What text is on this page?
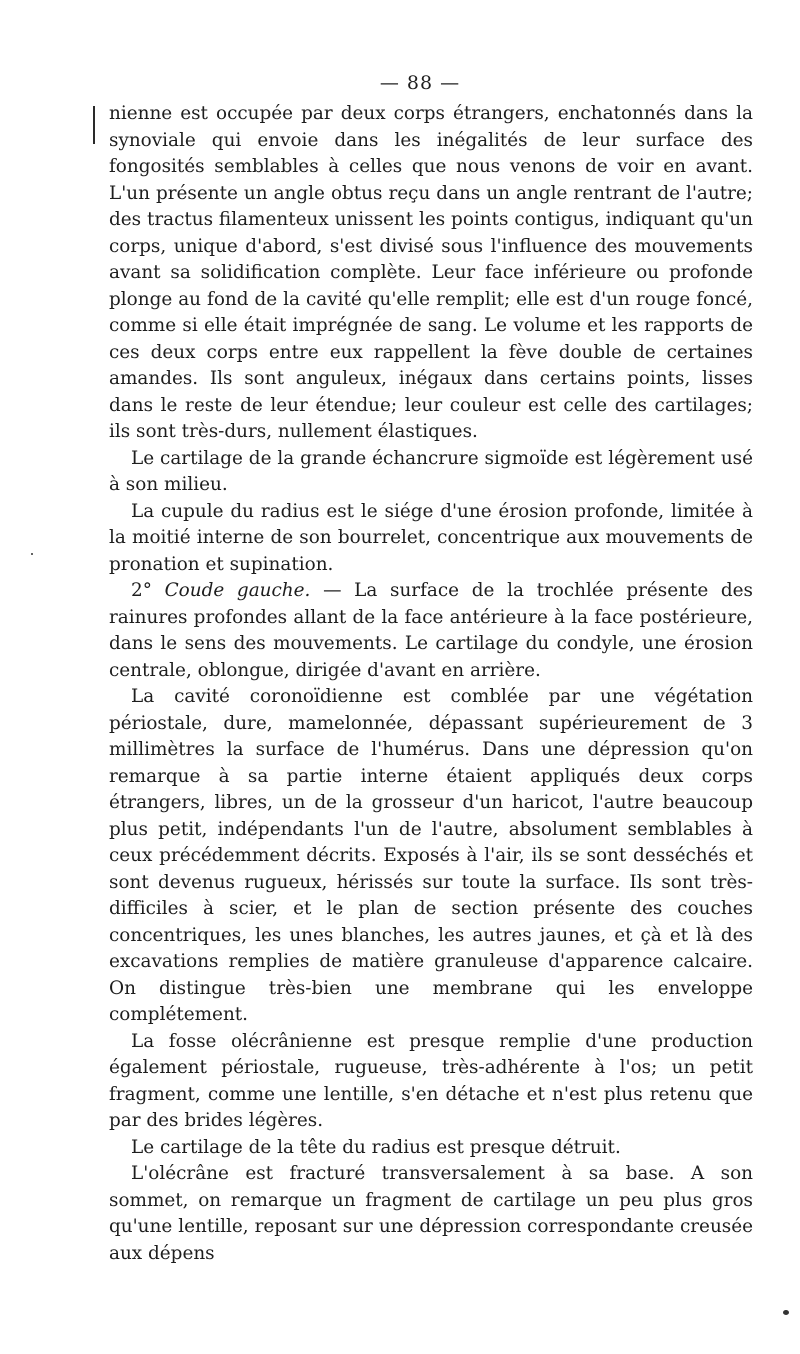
— 88 —

nienne est occupée par deux corps étrangers, enchatonnés dans la synoviale qui envoie dans les inégalités de leur surface des fongosités semblables à celles que nous venons de voir en avant. L'un présente un angle obtus reçu dans un angle rentrant de l'autre; des tractus filamenteux unissent les points contigus, indiquant qu'un corps, unique d'abord, s'est divisé sous l'influence des mouvements avant sa solidification complète. Leur face inférieure ou profonde plonge au fond de la cavité qu'elle remplit; elle est d'un rouge foncé, comme si elle était imprégnée de sang. Le volume et les rapports de ces deux corps entre eux rappellent la fève double de certaines amandes. Ils sont anguleux, inégaux dans certains points, lisses dans le reste de leur étendue; leur couleur est celle des cartilages; ils sont très-durs, nullement élastiques.

Le cartilage de la grande échancrure sigmoïde est légèrement usé à son milieu.

La cupule du radius est le siége d'une érosion profonde, limitée à la moitié interne de son bourrelet, concentrique aux mouvements de pronation et supination.

2° Coude gauche. — La surface de la trochlée présente des rainures profondes allant de la face antérieure à la face postérieure, dans le sens des mouvements. Le cartilage du condyle, une érosion centrale, oblongue, dirigée d'avant en arrière.

La cavité coronoïdienne est comblée par une végétation périostale, dure, mamelonnée, dépassant supérieurement de 3 millimètres la surface de l'humérus. Dans une dépression qu'on remarque à sa partie interne étaient appliqués deux corps étrangers, libres, un de la grosseur d'un haricot, l'autre beaucoup plus petit, indépendants l'un de l'autre, absolument semblables à ceux précédemment décrits. Exposés à l'air, ils se sont desséchés et sont devenus rugueux, hérissés sur toute la surface. Ils sont très-difficiles à scier, et le plan de section présente des couches concentriques, les unes blanches, les autres jaunes, et çà et là des excavations remplies de matière granuleuse d'apparence calcaire. On distingue très-bien une membrane qui les enveloppe complétement.

La fosse olécrânienne est presque remplie d'une production également périostale, rugueuse, très-adhérente à l'os; un petit fragment, comme une lentille, s'en détache et n'est plus retenu que par des brides légères.

Le cartilage de la tête du radius est presque détruit.

L'olécrâne est fracturé transversalement à sa base. A son sommet, on remarque un fragment de cartilage un peu plus gros qu'une lentille, reposant sur une dépression correspondante creusée aux dépens
